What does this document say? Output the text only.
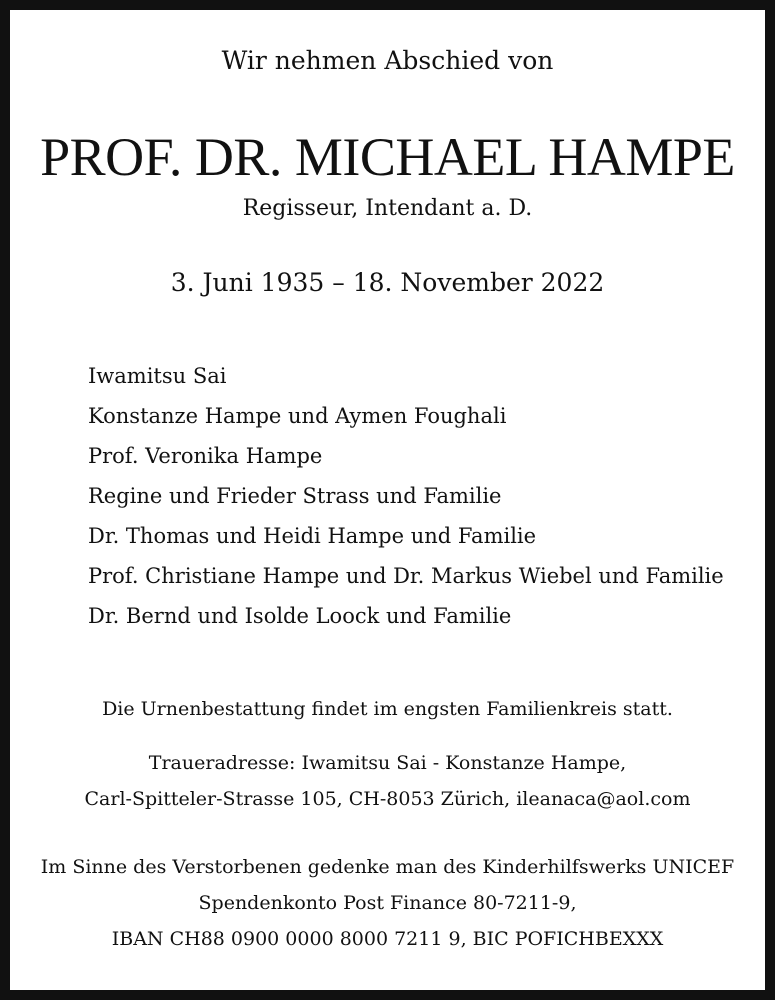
Wir nehmen Abschied von
PROF. DR. MICHAEL HAMPE
Regisseur, Intendant a. D.
3. Juni 1935 – 18. November 2022
Iwamitsu Sai
Konstanze Hampe und Aymen Foughali
Prof. Veronika Hampe
Regine und Frieder Strass und Familie
Dr. Thomas und Heidi Hampe und Familie
Prof. Christiane Hampe und Dr. Markus Wiebel und Familie
Dr. Bernd und Isolde Loock und Familie
Die Urnenbestattung findet im engsten Familienkreis statt.
Traueradresse: Iwamitsu Sai - Konstanze Hampe,
Carl-Spitteler-Strasse 105, CH-8053 Zürich, ileanaca@aol.com
Im Sinne des Verstorbenen gedenke man des Kinderhilfswerks UNICEF
Spendenkonto Post Finance 80-7211-9,
IBAN CH88 0900 0000 8000 7211 9, BIC POFICHBEXXX
